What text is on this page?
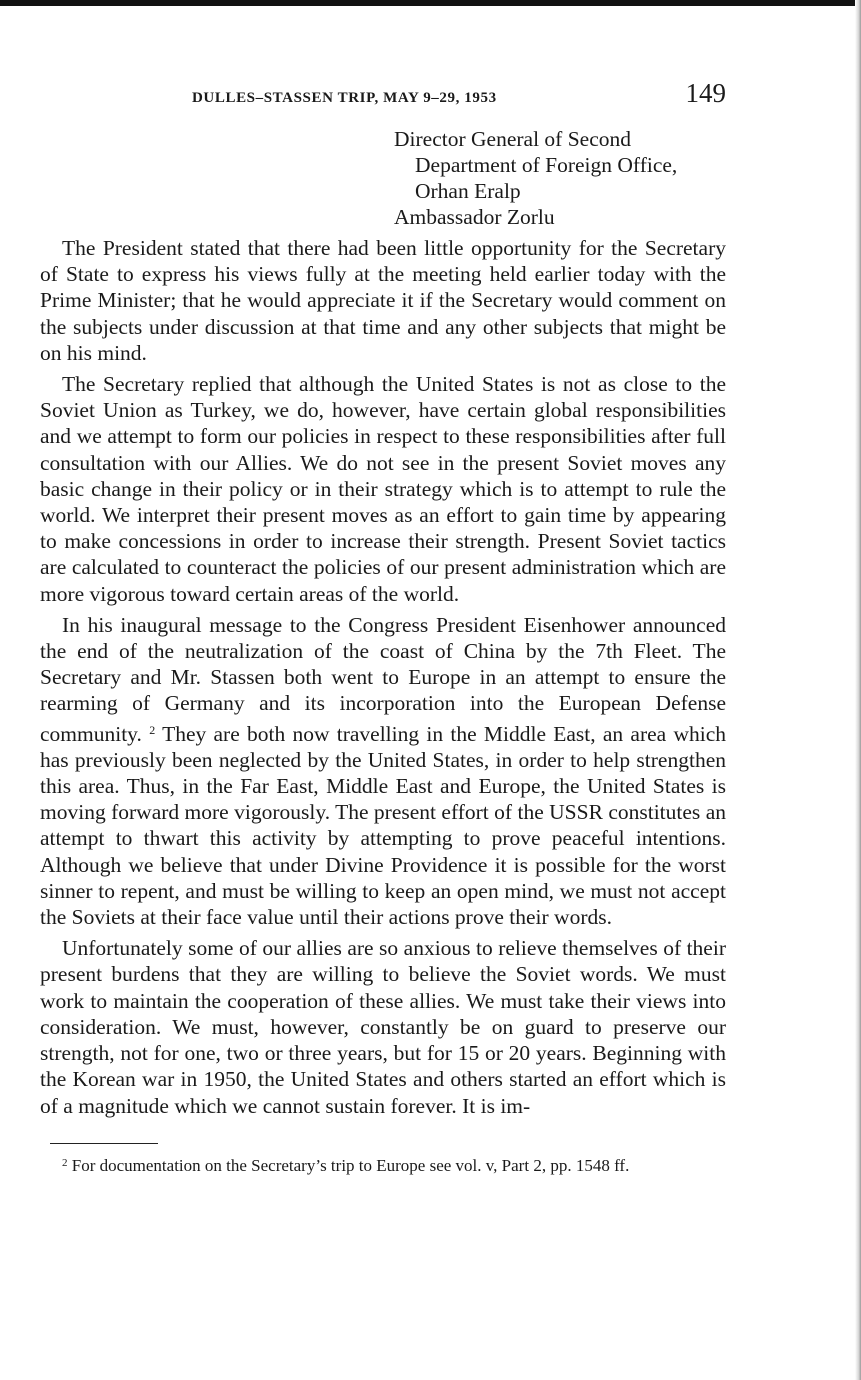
DULLES–STASSEN TRIP, MAY 9–29, 1953	149
Director General of Second
Department of Foreign Office,
Orhan Eralp
Ambassador Zorlu

The President stated that there had been little opportunity for the Secretary of State to express his views fully at the meeting held earlier today with the Prime Minister; that he would appreciate it if the Secretary would comment on the subjects under discussion at that time and any other subjects that might be on his mind.

The Secretary replied that although the United States is not as close to the Soviet Union as Turkey, we do, however, have certain global responsibilities and we attempt to form our policies in respect to these responsibilities after full consultation with our Allies. We do not see in the present Soviet moves any basic change in their policy or in their strategy which is to attempt to rule the world. We interpret their present moves as an effort to gain time by appearing to make concessions in order to increase their strength. Present Soviet tactics are calculated to counteract the policies of our present administration which are more vigorous toward certain areas of the world.

In his inaugural message to the Congress President Eisenhower announced the end of the neutralization of the coast of China by the 7th Fleet. The Secretary and Mr. Stassen both went to Europe in an attempt to ensure the rearming of Germany and its incorporation into the European Defense community. $^2$ They are both now travelling in the Middle East, an area which has previously been neglected by the United States, in order to help strengthen this area. Thus, in the Far East, Middle East and Europe, the United States is moving forward more vigorously. The present effort of the USSR constitutes an attempt to thwart this activity by attempting to prove peaceful intentions. Although we believe that under Divine Providence it is possible for the worst sinner to repent, and must be willing to keep an open mind, we must not accept the Soviets at their face value until their actions prove their words.

Unfortunately some of our allies are so anxious to relieve themselves of their present burdens that they are willing to believe the Soviet words. We must work to maintain the cooperation of these allies. We must take their views into consideration. We must, however, constantly be on guard to preserve our strength, not for one, two or three years, but for 15 or 20 years. Beginning with the Korean war in 1950, the United States and others started an effort which is of a magnitude which we cannot sustain forever. It is im-

$^2$ For documentation on the Secretary’s trip to Europe see vol. v, Part 2, pp. 1548 ff.
